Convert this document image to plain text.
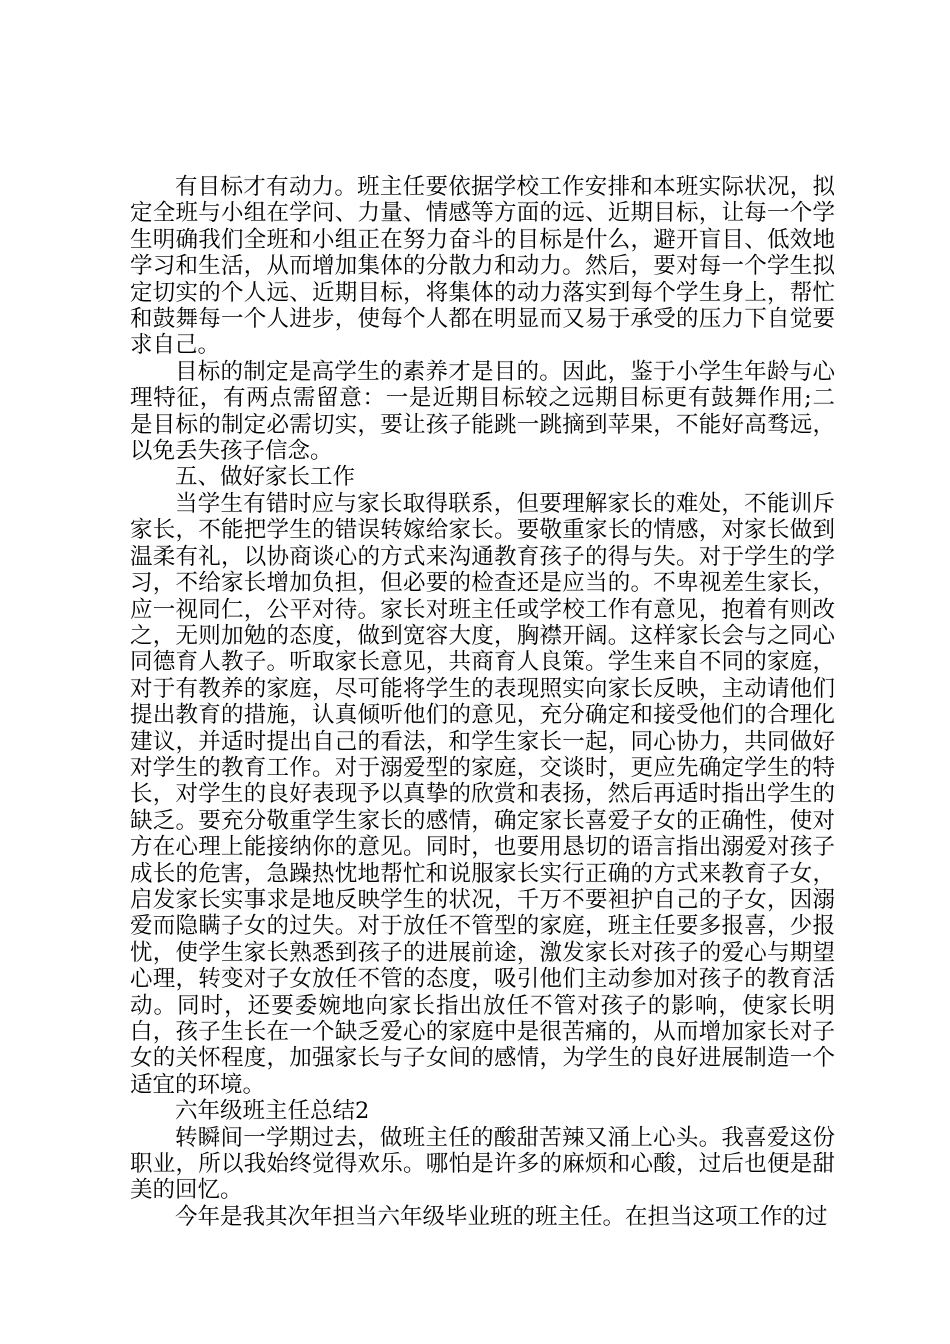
有目标才有动力。班主任要依据学校工作安排和本班实际状况，拟定全班与小组在学问、力量、情感等方面的远、近期目标，让每一个学生明确我们全班和小组正在努力奋斗的目标是什么，避开盲目、低效地学习和生活，从而增加集体的分散力和动力。然后，要对每一个学生拟定切实的个人远、近期目标，将集体的动力落实到每个学生身上，帮忙和鼓舞每一个人进步，使每个人都在明显而又易于承受的压力下自觉要求自己。

目标的制定是高学生的素养才是目的。因此，鉴于小学生年龄与心理特征，有两点需留意：一是近期目标较之远期目标更有鼓舞作用;二是目标的制定必需切实，要让孩子能跳一跳摘到苹果，不能好高骛远，以免丢失孩子信念。

五、做好家长工作

当学生有错时应与家长取得联系，但要理解家长的难处，不能训斥家长，不能把学生的错误转嫁给家长。要敬重家长的情感，对家长做到温柔有礼，以协商谈心的方式来沟通教育孩子的得与失。对于学生的学习，不给家长增加负担，但必要的检查还是应当的。不卑视差生家长，应一视同仁，公平对待。家长对班主任或学校工作有意见，抱着有则改之，无则加勉的态度，做到宽容大度，胸襟开阔。这样家长会与之同心同德育人教子。听取家长意见，共商育人良策。学生来自不同的家庭，对于有教养的家庭，尽可能将学生的表现照实向家长反映，主动请他们提出教育的措施，认真倾听他们的意见，充分确定和接受他们的合理化建议，并适时提出自己的看法，和学生家长一起，同心协力，共同做好对学生的教育工作。对于溺爱型的家庭，交谈时，更应先确定学生的特长，对学生的良好表现予以真挚的欣赏和表扬，然后再适时指出学生的缺乏。要充分敬重学生家长的感情，确定家长喜爱子女的正确性，使对方在心理上能接纳你的意见。同时，也要用恳切的语言指出溺爱对孩子成长的危害，急躁热忱地帮忙和说服家长实行正确的方式来教育子女，启发家长实事求是地反映学生的状况，千万不要袒护自己的子女，因溺爱而隐瞒子女的过失。对于放任不管型的家庭，班主任要多报喜，少报忧，使学生家长熟悉到孩子的进展前途，激发家长对孩子的爱心与期望心理，转变对子女放任不管的态度，吸引他们主动参加对孩子的教育活动。同时，还要委婉地向家长指出放任不管对孩子的影响，使家长明白，孩子生长在一个缺乏爱心的家庭中是很苦痛的，从而增加家长对子女的关怀程度，加强家长与子女间的感情，为学生的良好进展制造一个适宜的环境。

六年级班主任总结2

转瞬间一学期过去，做班主任的酸甜苦辣又涌上心头。我喜爱这份职业，所以我始终觉得欢乐。哪怕是许多的麻烦和心酸，过后也便是甜美的回忆。

今年是我其次年担当六年级毕业班的班主任。在担当这项工作的过
